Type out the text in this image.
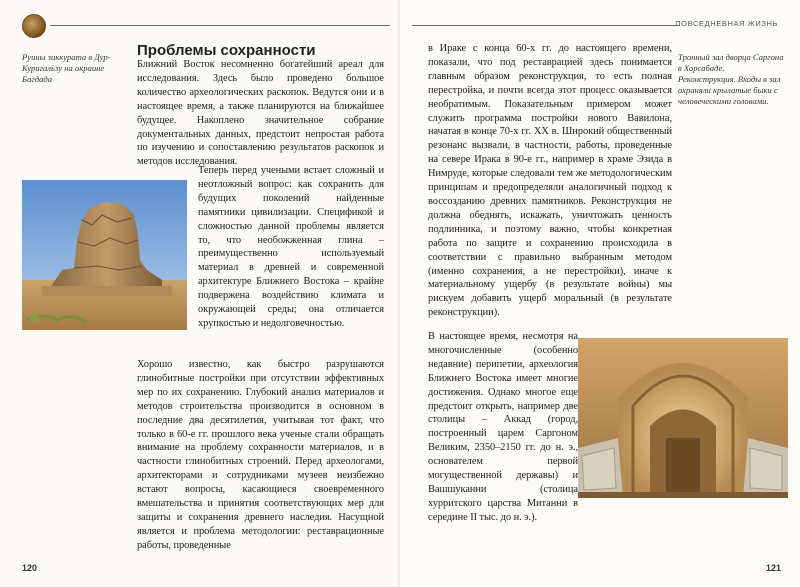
Руины зиккурата в Дур-Куригальзу на окраине Багдада
Проблемы сохранности

Ближний Восток несомненно богатейший ареал для исследования. Здесь было проведено большое количество археологических раскопок. Ведутся они и в настоящее время, а также планируются на ближайшее будущее. Накоплено значительное собрание документальных данных, предстоит непростая работа по изучению и сопоставлению результатов раскопок и методов исследования.

Теперь перед учеными встает сложный и неотложный вопрос: как сохранить для будущих поколений найденные памятники цивилизации. Спецификой и сложностью данной проблемы является то, что необожженная глина – преимущественно используемый материал в древней и современной архитектуре Ближнего Востока – крайне подвержена воздействию климата и окружающей среды; она отличается хрупкостью и недолговечностью.

Хорошо известно, как быстро разрушаются глинобитные постройки при отсутствии эффективных мер по их сохранению. Глубокий анализ материалов и методов строительства производится в основном в последние два десятилетия, учитывая тот факт, что только в 60-е гг. прошлого века ученые стали обращать внимание на проблему сохранности материалов, и в частности глинобитных строений. Перед археологами, архитекторами и сотрудниками музеев неизбежно встают вопросы, касающиеся своевременного вмешательства и принятия соответствующих мер для защиты и сохранения древнего наследия. Насущной является и проблема методологии: реставрационные работы, проведенные

120
ПОВСЕДНЕВНАЯ ЖИЗНЬ

в Ираке с конца 60-х гг. до настоящего времени, показали, что под реставрацией здесь понимается главным образом реконструкция, то есть полная перестройка, и почти всегда этот процесс оказывается необратимым. Показательным примером может служить программа постройки нового Вавилона, начатая в конце 70-х гг. XX в. Широкий общественный резонанс вызвали, в частности, работы, проведенные на севере Ирака в 90-е гг., например в храме Эзида в Нимруде, которые следовали тем же методологическим принципам и предопределяли аналогичный подход к воссозданию древних памятников. Реконструкция не должна обеднять, искажать, уничтожать ценность подлинника, и поэтому важно, чтобы конкретная работа по защите и сохранению происходила в соответствии с правильно выбранным методом (именно сохранения, а не перестройки), иначе к материальному ущербу (в результате войны) мы рискуем добавить ущерб моральный (в результате реконструкции).

В настоящее время, несмотря на многочисленные (особенно недавние) перипетии, археология Ближнего Востока имеет многие достижения. Однако многое еще предстоит открыть, например две столицы – Аккад (город, построенный царем Саргоном Великим, 2350–2150 гг. до н. э., основателем первой могущественной державы) и Вашшуканни (столица хурритского царства Митанни в середине II тыс. до н. э.).

Тронный зал дворца Саргона в Хорсабаде. Реконструкция. Входы в зал охраняли крылатые быки с человеческими головами.
121
